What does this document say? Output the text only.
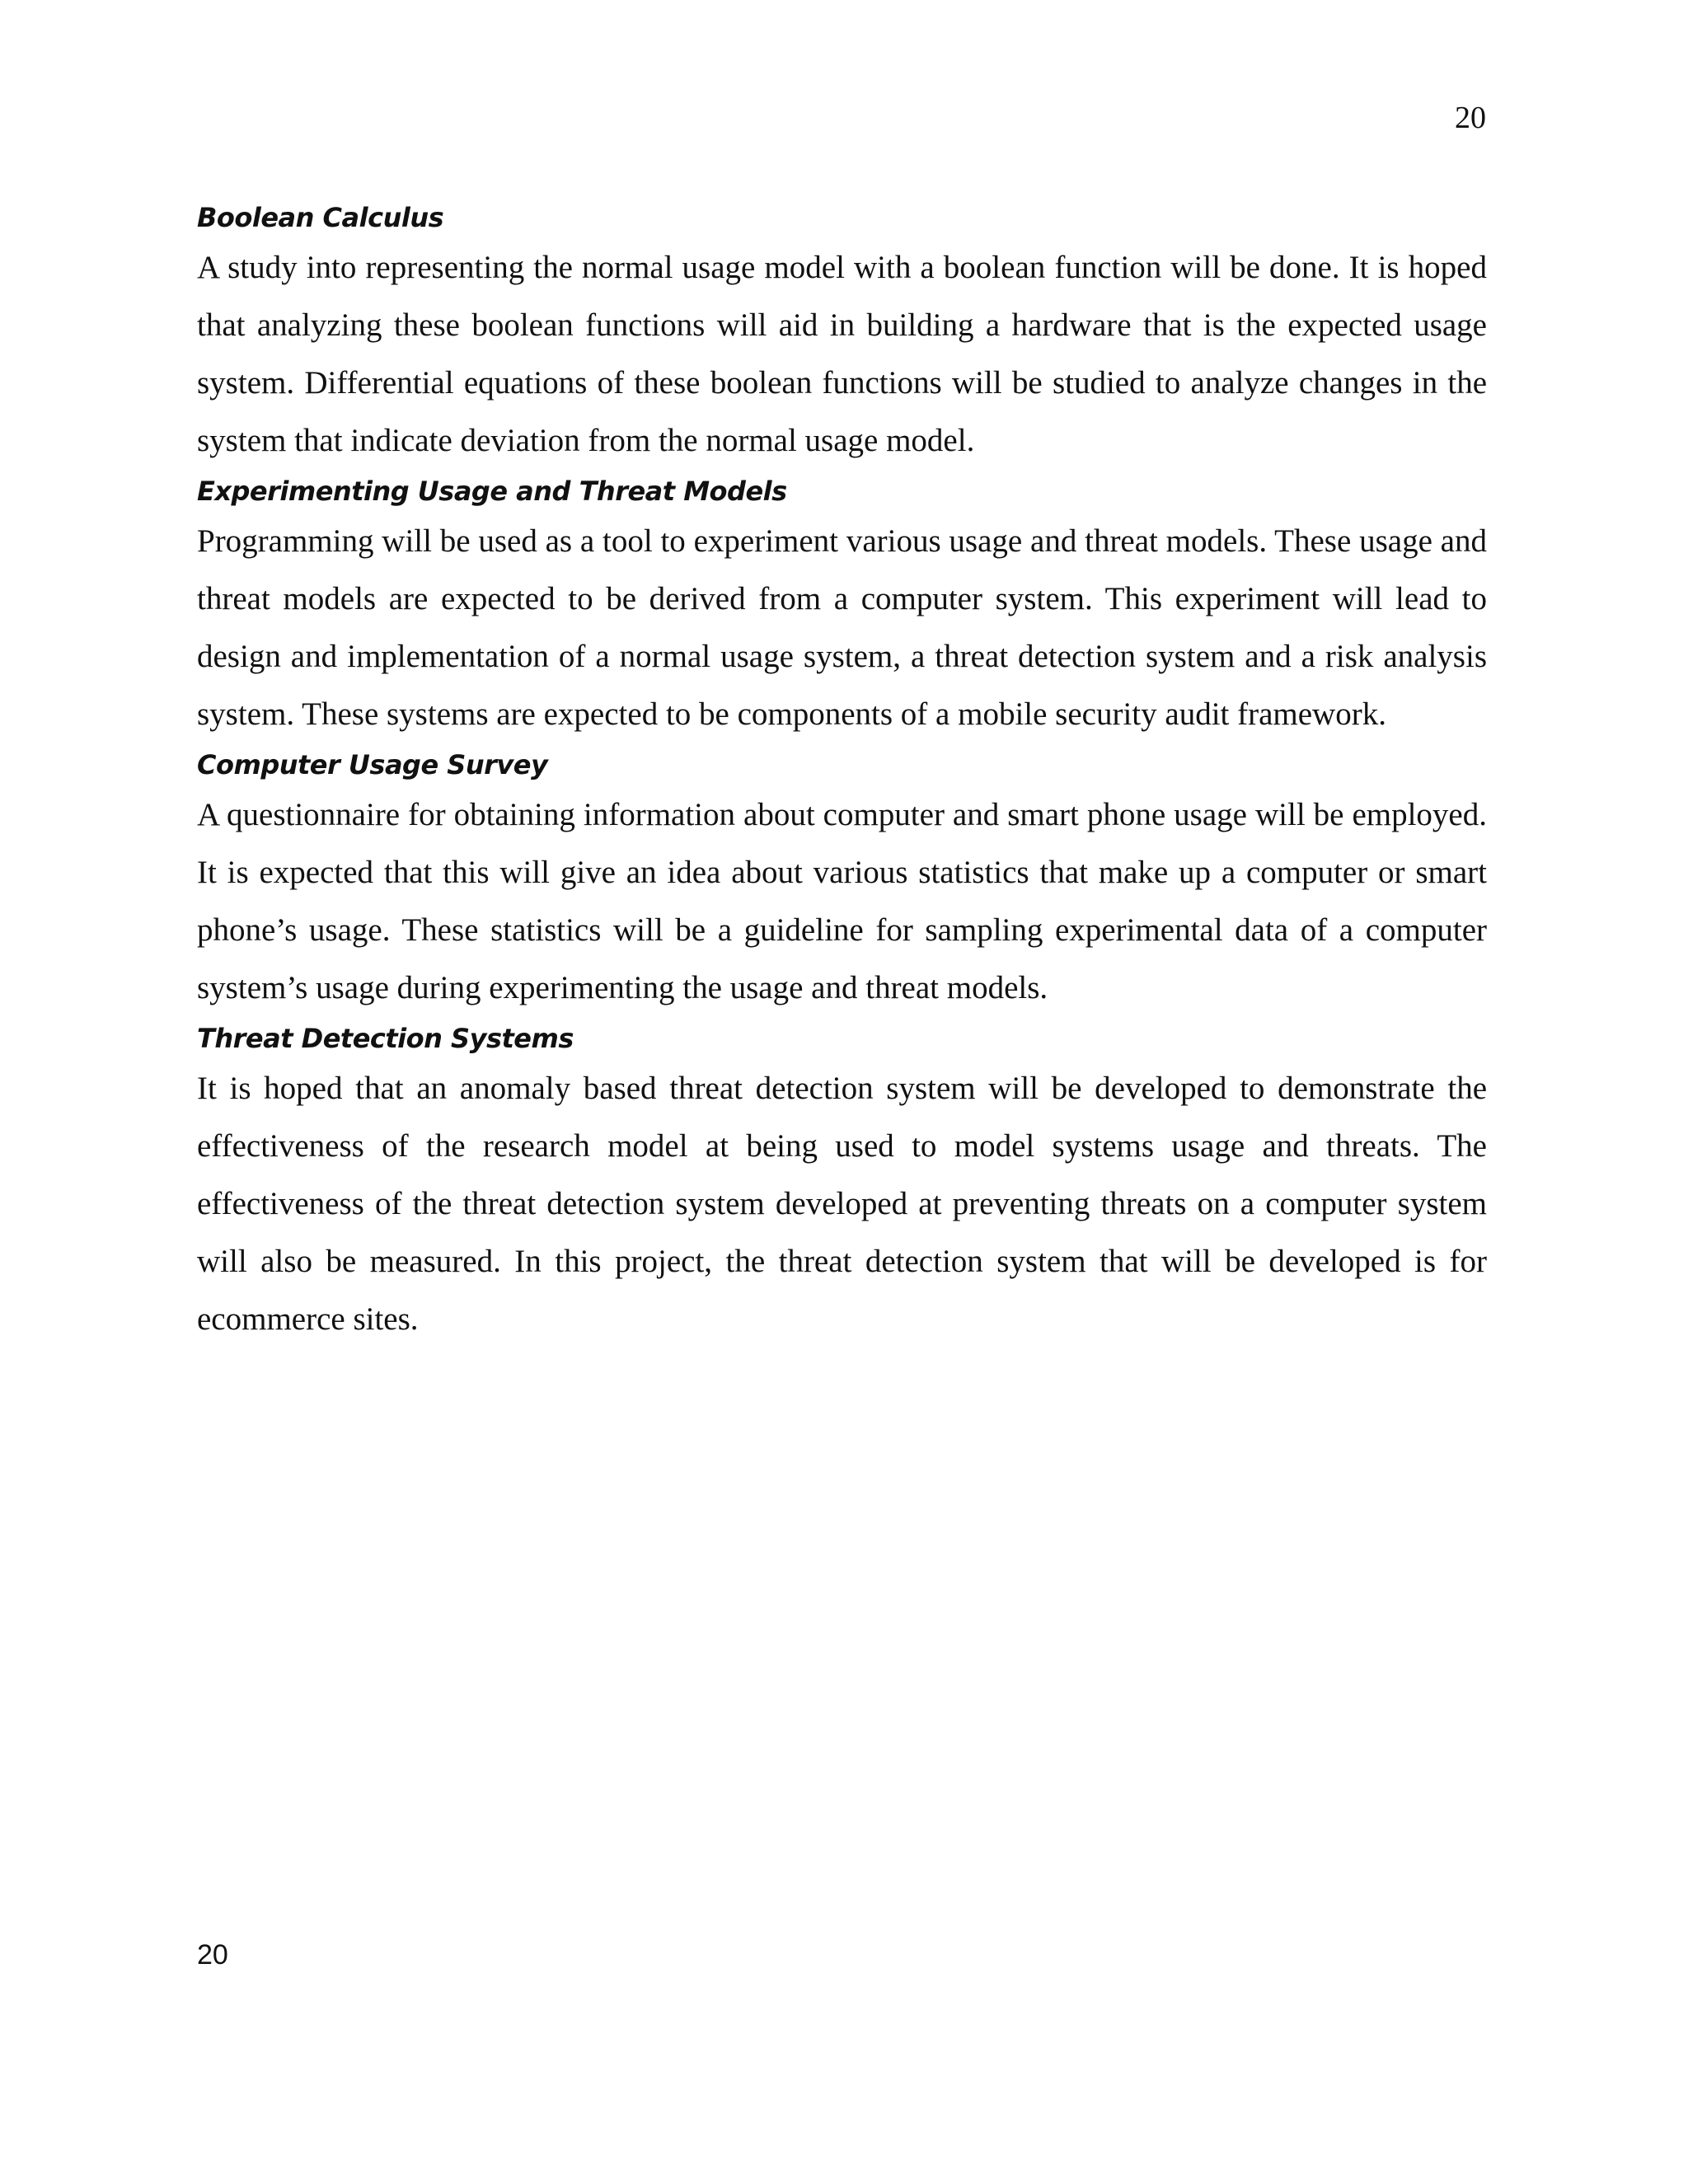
20

Boolean Calculus

A study into representing the normal usage model with a boolean function will be done. It is hoped that analyzing these boolean functions will aid in building a hardware that is the expected usage system. Differential equations of these boolean functions will be studied to analyze changes in the system that indicate deviation from the normal usage model.

Experimenting Usage and Threat Models

Programming will be used as a tool to experiment various usage and threat models. These usage and threat models are expected to be derived from a computer system. This experiment will lead to design and implementation of a normal usage system, a threat detection system and a risk analysis system. These systems are expected to be components of a mobile security audit framework.

Computer Usage Survey

A questionnaire for obtaining information about computer and smart phone usage will be employed. It is expected that this will give an idea about various statistics that make up a computer or smart phone’s usage. These statistics will be a guideline for sampling experimental data of a computer system’s usage during experimenting the usage and threat models.

Threat Detection Systems

It is hoped that an anomaly based threat detection system will be developed to demonstrate the effectiveness of the research model at being used to model systems usage and threats. The effectiveness of the threat detection system developed at preventing threats on a computer system will also be measured. In this project, the threat detection system that will be developed is for ecommerce sites.

20
